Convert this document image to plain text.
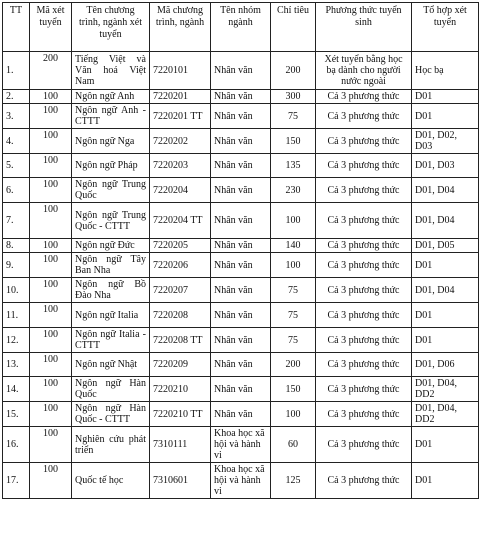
TT	Mã xét tuyển	Tên chương trình, ngành xét tuyển	Mã chương trình, ngành	Tên nhóm ngành	Chỉ tiêu	Phương thức tuyển sinh	Tổ hợp xét tuyển
1.	200	Tiếng Việt và Văn hoá Việt Nam	7220101	Nhân văn	200	Xét tuyển bằng học bạ dành cho người nước ngoài	Học bạ
2.	100	Ngôn ngữ Anh	7220201	Nhân văn	300	Cả 3 phương thức	D01
3.	100	Ngôn ngữ Anh - CTTT	7220201 TT	Nhân văn	75	Cả 3 phương thức	D01
4.	100	Ngôn ngữ Nga	7220202	Nhân văn	150	Cả 3 phương thức	D01, D02, D03
5.	100	Ngôn ngữ Pháp	7220203	Nhân văn	135	Cả 3 phương thức	D01, D03
6.	100	Ngôn ngữ Trung Quốc	7220204	Nhân văn	230	Cả 3 phương thức	D01, D04
7.	100	Ngôn ngữ Trung Quốc - CTTT	7220204 TT	Nhân văn	100	Cả 3 phương thức	D01, D04
8.	100	Ngôn ngữ Đức	7220205	Nhân văn	140	Cả 3 phương thức	D01, D05
9.	100	Ngôn ngữ Tây Ban Nha	7220206	Nhân văn	100	Cả 3 phương thức	D01
10.	100	Ngôn ngữ Bồ Đào Nha	7220207	Nhân văn	75	Cả 3 phương thức	D01, D04
11.	100	Ngôn ngữ Italia	7220208	Nhân văn	75	Cả 3 phương thức	D01
12.	100	Ngôn ngữ Italia - CTTT	7220208 TT	Nhân văn	75	Cả 3 phương thức	D01
13.	100	Ngôn ngữ Nhật	7220209	Nhân văn	200	Cả 3 phương thức	D01, D06
14.	100	Ngôn ngữ Hàn Quốc	7220210	Nhân văn	150	Cả 3 phương thức	D01, D04, DD2
15.	100	Ngôn ngữ Hàn Quốc - CTTT	7220210 TT	Nhân văn	100	Cả 3 phương thức	D01, D04, DD2
16.	100	Nghiên cứu phát triển	7310111	Khoa học xã hội và hành vi	60	Cả 3 phương thức	D01
17.	100	Quốc tế học	7310601	Khoa học xã hội và hành vi	125	Cả 3 phương thức	D01
